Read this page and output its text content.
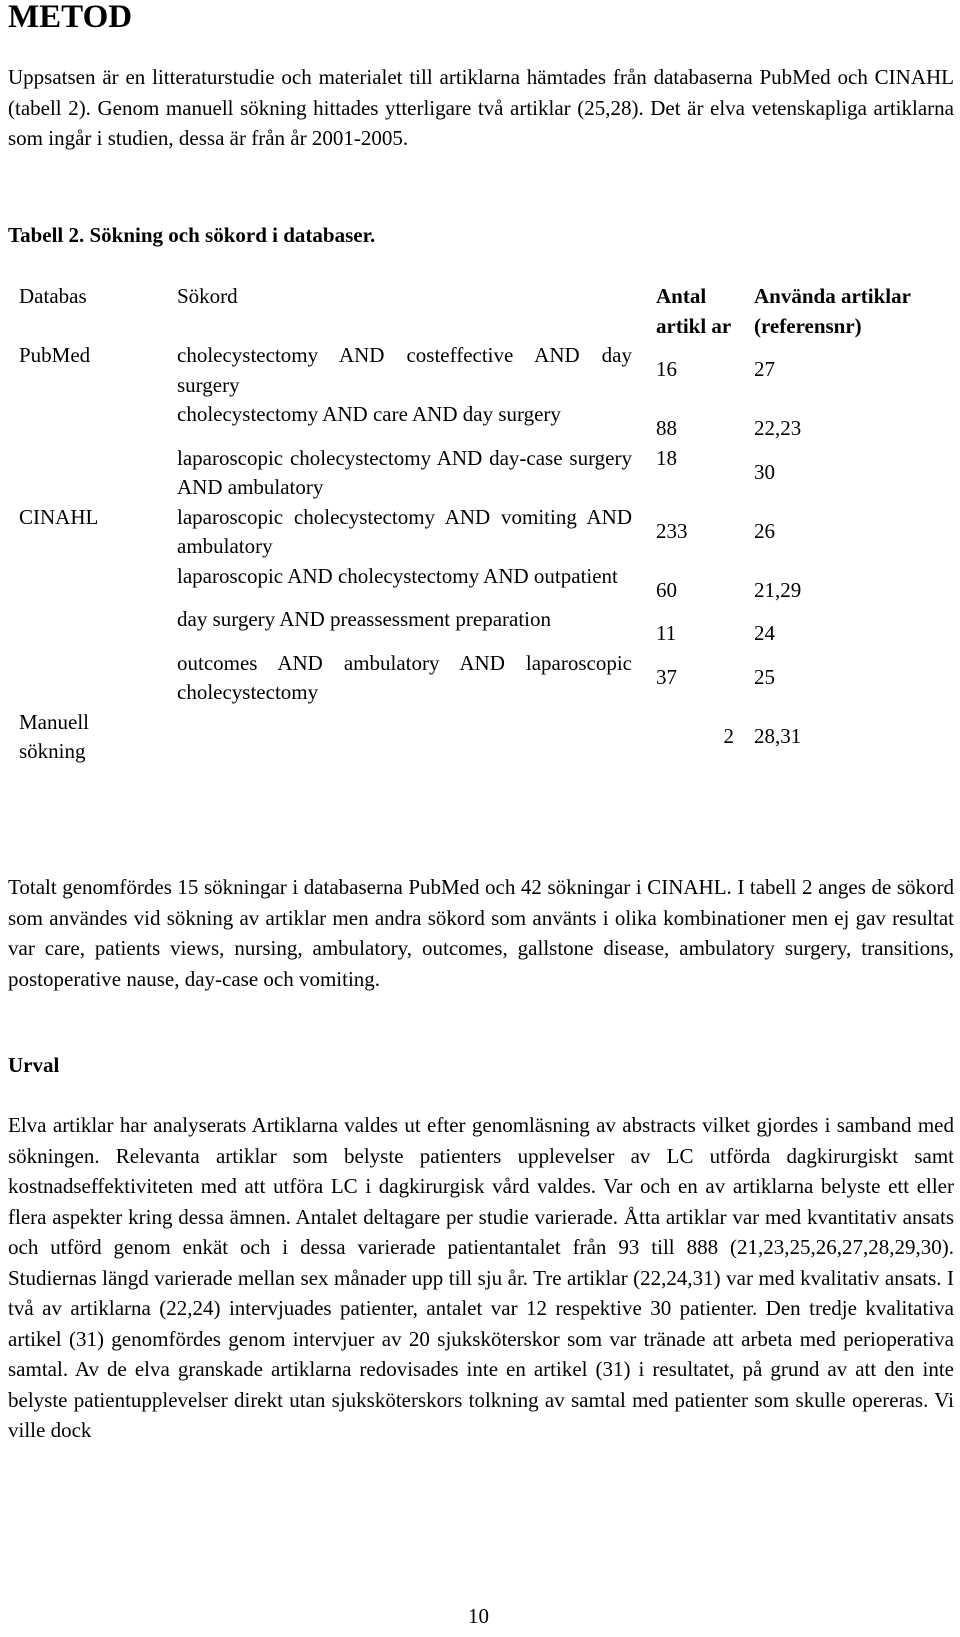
METOD
Uppsatsen är en litteraturstudie och materialet till artiklarna hämtades från databaserna PubMed och CINAHL (tabell 2). Genom manuell sökning hittades ytterligare två artiklar (25,28). Det är elva vetenskapliga artiklarna som ingår i studien, dessa är från år 2001-2005.
Tabell 2. Sökning och sökord i databaser.
Databas	Sökord	Antal artikl ar	Använda artiklar (referensnr)
PubMed	cholecystectomy AND costeffective AND day surgery	16	27

	cholecystectomy AND care AND day surgery	88	22,23

	laparoscopic cholecystectomy AND day-case surgery AND ambulatory	18	30

CINAHL	laparoscopic cholecystectomy AND vomiting AND ambulatory	233	26

	laparoscopic AND cholecystectomy AND outpatient	60	21,29

	day surgery AND preassessment preparation	11	24

	outcomes AND ambulatory AND laparoscopic cholecystectomy	37	25

Manuell sökning		2	28,31
Totalt genomfördes 15 sökningar i databaserna PubMed och 42 sökningar i CINAHL. I tabell 2 anges de sökord som användes vid sökning av artiklar men andra sökord som använts i olika kombinationer men ej gav resultat var care, patients views, nursing, ambulatory, outcomes, gallstone disease, ambulatory surgery, transitions, postoperative nause, day-case och vomiting.
Urval
Elva artiklar har analyserats Artiklarna valdes ut efter genomläsning av abstracts vilket gjordes i samband med sökningen. Relevanta artiklar som belyste patienters upplevelser av LC utförda dagkirurgiskt samt kostnadseffektiviteten med att utföra LC i dagkirurgisk vård valdes. Var och en av artiklarna belyste ett eller flera aspekter kring dessa ämnen. Antalet deltagare per studie varierade. Åtta artiklar var med kvantitativ ansats och utförd genom enkät och i dessa varierade patientantalet från 93 till 888 (21,23,25,26,27,28,29,30). Studiernas längd varierade mellan sex månader upp till sju år. Tre artiklar (22,24,31) var med kvalitativ ansats. I två av artiklarna (22,24) intervjuades patienter, antalet var 12 respektive 30 patienter. Den tredje kvalitativa artikel (31) genomfördes genom intervjuer av 20 sjuksköterskor som var tränade att arbeta med perioperativa samtal. Av de elva granskade artiklarna redovisades inte en artikel (31) i resultatet, på grund av att den inte belyste patientupplevelser direkt utan sjuksköterskors tolkning av samtal med patienter som skulle opereras. Vi ville dock
10
